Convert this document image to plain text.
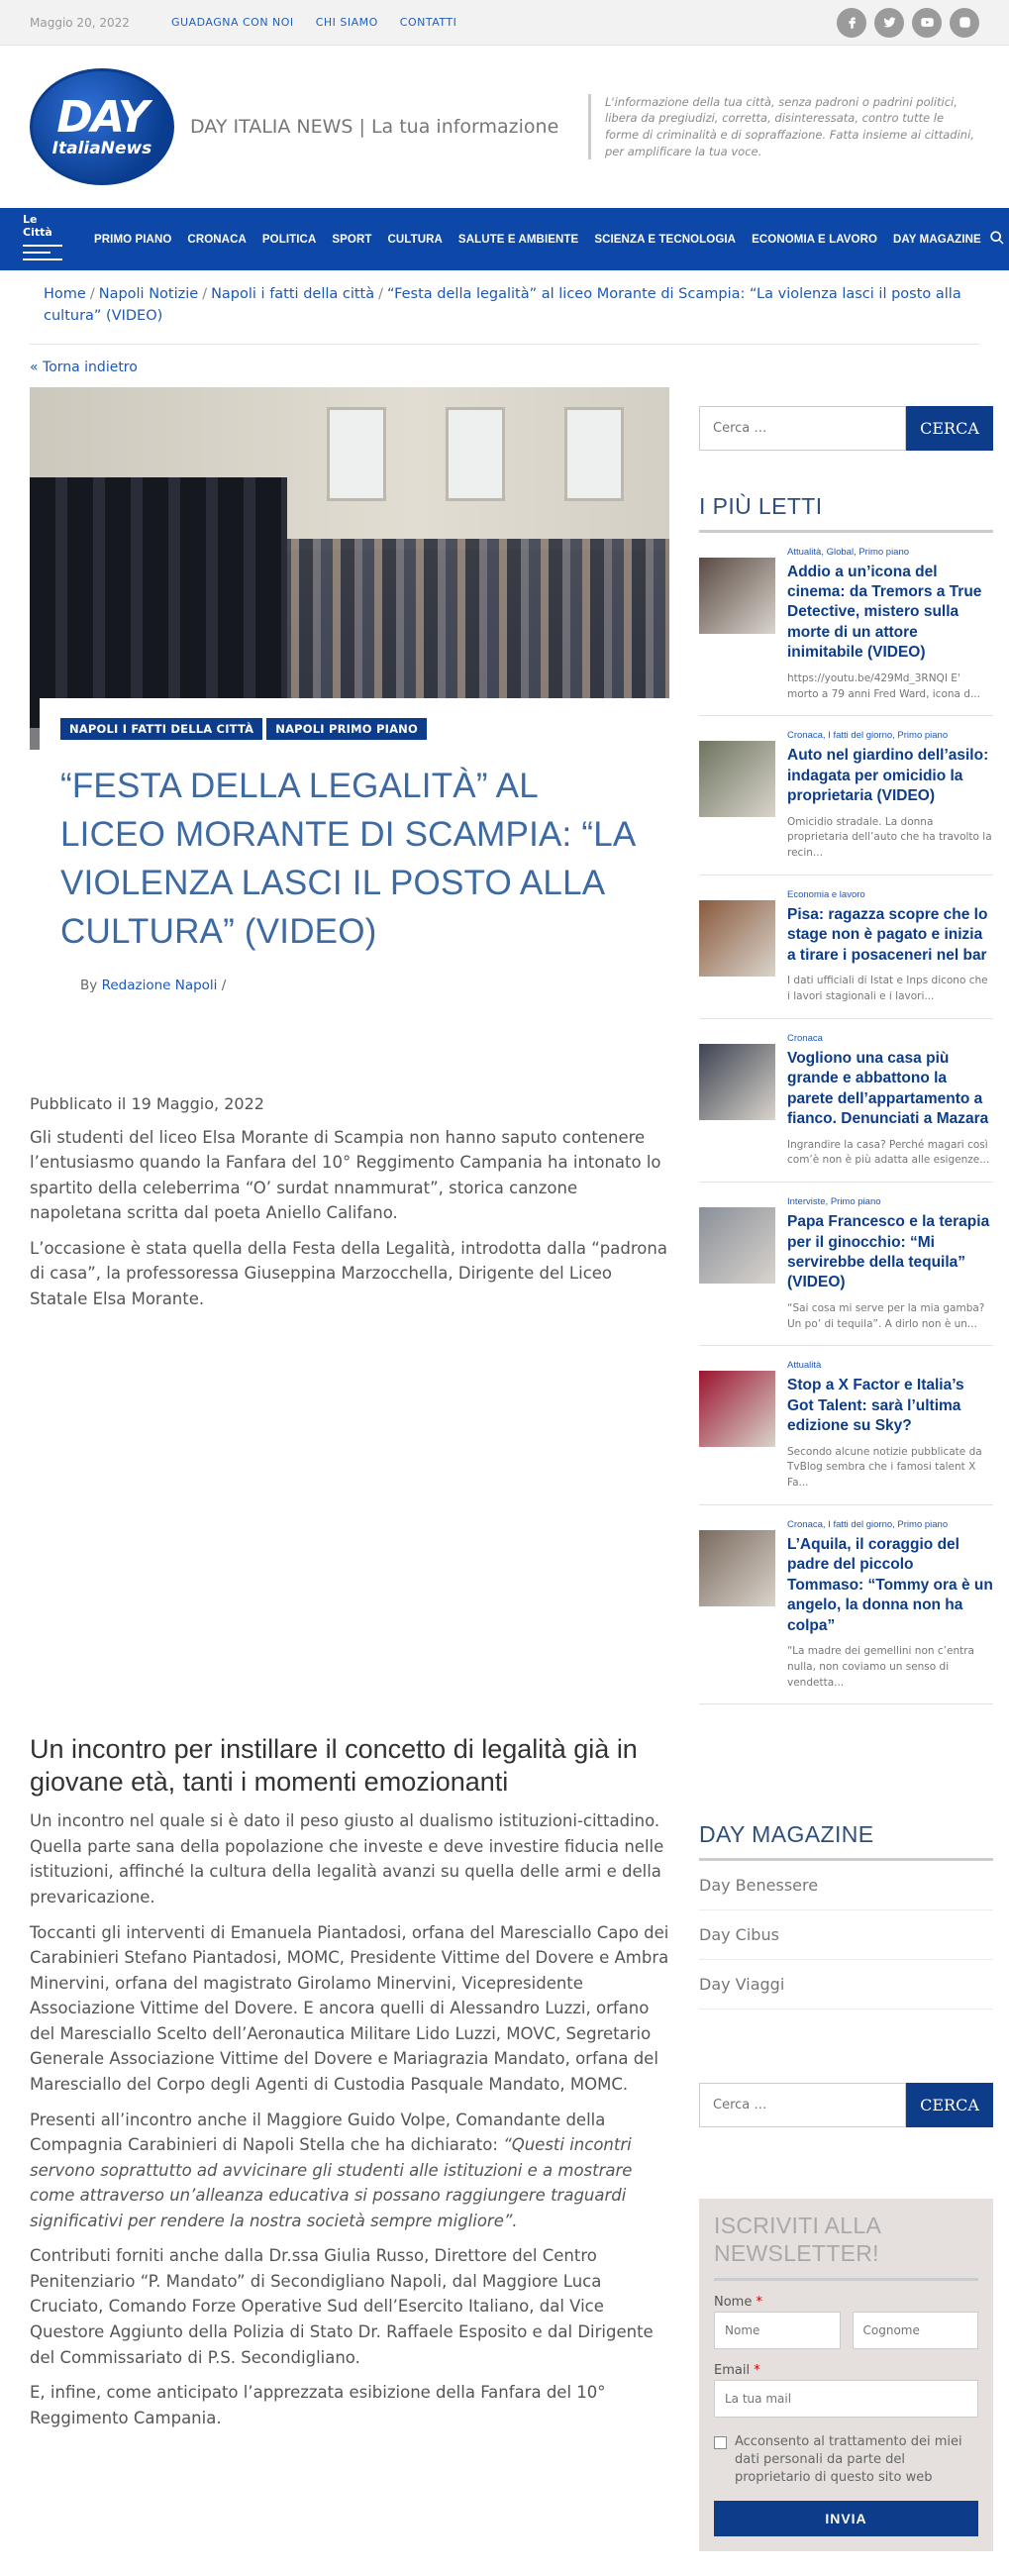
Maggio 20, 2022	GUADAGNA CON NOI CHI SIAMO CONTATTI
DAY
ItaliaNews
DAY ITALIA NEWS | La tua informazione
L'informazione della tua città, senza padroni o padrini politici, libera da pregiudizi, corretta, disinteressata, contro tutte le forme di criminalità e di sopraffazione. Fatta insieme ai cittadini, per amplificare la tua voce.
Le Città
PRIMO PIANO	CRONACA	POLITICA	SPORT	CULTURA	SALUTE E AMBIENTE	SCIENZA E TECNOLOGIA	ECONOMIA E LAVORO	DAY MAGAZINE
Home / Napoli Notizie / Napoli i fatti della città / “Festa della legalità” al liceo Morante di Scampia: “La violenza lasci il posto alla cultura” (VIDEO)
« Torna indietro
NAPOLI I FATTI DELLA CITTÀ	NAPOLI PRIMO PIANO
“FESTA DELLA LEGALITÀ” AL LICEO MORANTE DI SCAMPIA: “LA VIOLENZA LASCI IL POSTO ALLA CULTURA” (VIDEO)
By Redazione Napoli /
Pubblicato il 19 Maggio, 2022

Gli studenti del liceo Elsa Morante di Scampia non hanno saputo contenere l’entusiasmo quando la Fanfara del 10° Reggimento Campania ha intonato lo spartito della celeberrima “O’ surdat nnammurat”, storica canzone napoletana scritta dal poeta Aniello Califano.

L’occasione è stata quella della Festa della Legalità, introdotta dalla “padrona di casa”, la professoressa Giuseppina Marzocchella, Dirigente del Liceo Statale Elsa Morante.

Un incontro per instillare il concetto di legalità già in giovane età, tanti i momenti emozionanti

Un incontro nel quale si è dato il peso giusto al dualismo istituzioni-cittadino. Quella parte sana della popolazione che investe e deve investire fiducia nelle istituzioni, affinché la cultura della legalità avanzi su quella delle armi e della prevaricazione.

Toccanti gli interventi di Emanuela Piantadosi, orfana del Maresciallo Capo dei Carabinieri Stefano Piantadosi, MOMC, Presidente Vittime del Dovere e Ambra Minervini, orfana del magistrato Girolamo Minervini, Vicepresidente Associazione Vittime del Dovere. E ancora quelli di Alessandro Luzzi, orfano del Maresciallo Scelto dell’Aeronautica Militare Lido Luzzi, MOVC, Segretario Generale Associazione Vittime del Dovere e Mariagrazia Mandato, orfana del Maresciallo del Corpo degli Agenti di Custodia Pasquale Mandato, MOMC.

Presenti all’incontro anche il Maggiore Guido Volpe, Comandante della Compagnia Carabinieri di Napoli Stella che ha dichiarato: “Questi incontri servono soprattutto ad avvicinare gli studenti alle istituzioni e a mostrare come attraverso un’alleanza educativa si possano raggiungere traguardi significativi per rendere la nostra società sempre migliore”.

Contributi forniti anche dalla Dr.ssa Giulia Russo, Direttore del Centro Penitenziario “P. Mandato” di Secondigliano Napoli, dal Maggiore Luca Cruciato, Comando Forze Operative Sud dell’Esercito Italiano, dal Vice Questore Aggiunto della Polizia di Stato Dr. Raffaele Esposito e dal Dirigente del Commissariato di P.S. Secondigliano.

E, infine, come anticipato l’apprezzata esibizione della Fanfara del 10° Reggimento Campania.

Cerca …
CERCA
I PIÙ LETTI
Attualità, Global, Primo piano
Addio a un’icona del cinema: da Tremors a True Detective, mistero sulla morte di un attore inimitabile (VIDEO)
https://youtu.be/429Md_3RNQI E' morto a 79 anni Fred Ward, icona d...
Cronaca, I fatti del giorno, Primo piano
Auto nel giardino dell’asilo: indagata per omicidio la proprietaria (VIDEO)
Omicidio stradale. La donna proprietaria dell’auto che ha travolto la recin...
Economia e lavoro
Pisa: ragazza scopre che lo stage non è pagato e inizia a tirare i posaceneri nel bar
I dati ufficiali di Istat e Inps dicono che i lavori stagionali e i lavori...
Cronaca
Vogliono una casa più grande e abbattono la parete dell’appartamento a fianco. Denunciati a Mazara
Ingrandire la casa? Perché magari così com’è non è più adatta alle esigenze...
Interviste, Primo piano
Papa Francesco e la terapia per il ginocchio: “Mi servirebbe della tequila” (VIDEO)
“Sai cosa mi serve per la mia gamba? Un po’ di tequila”. A dirlo non è un...
Attualità
Stop a X Factor e Italia’s Got Talent: sarà l’ultima edizione su Sky?
Secondo alcune notizie pubblicate da TvBlog sembra che i famosi talent X Fa...
Cronaca, I fatti del giorno, Primo piano
L’Aquila, il coraggio del padre del piccolo Tommaso: “Tommy ora è un angelo, la donna non ha colpa”
“La madre dei gemellini non c’entra nulla, non coviamo un senso di vendetta...
DAY MAGAZINE
Day Benessere
Day Cibus
Day Viaggi
Cerca …
CERCA
ISCRIVITI ALLA NEWSLETTER!
Nome *
Nome
Cognome
Email *
La tua mail
Acconsento al trattamento dei miei dati personali da parte del proprietario di questo sito web
INVIA
